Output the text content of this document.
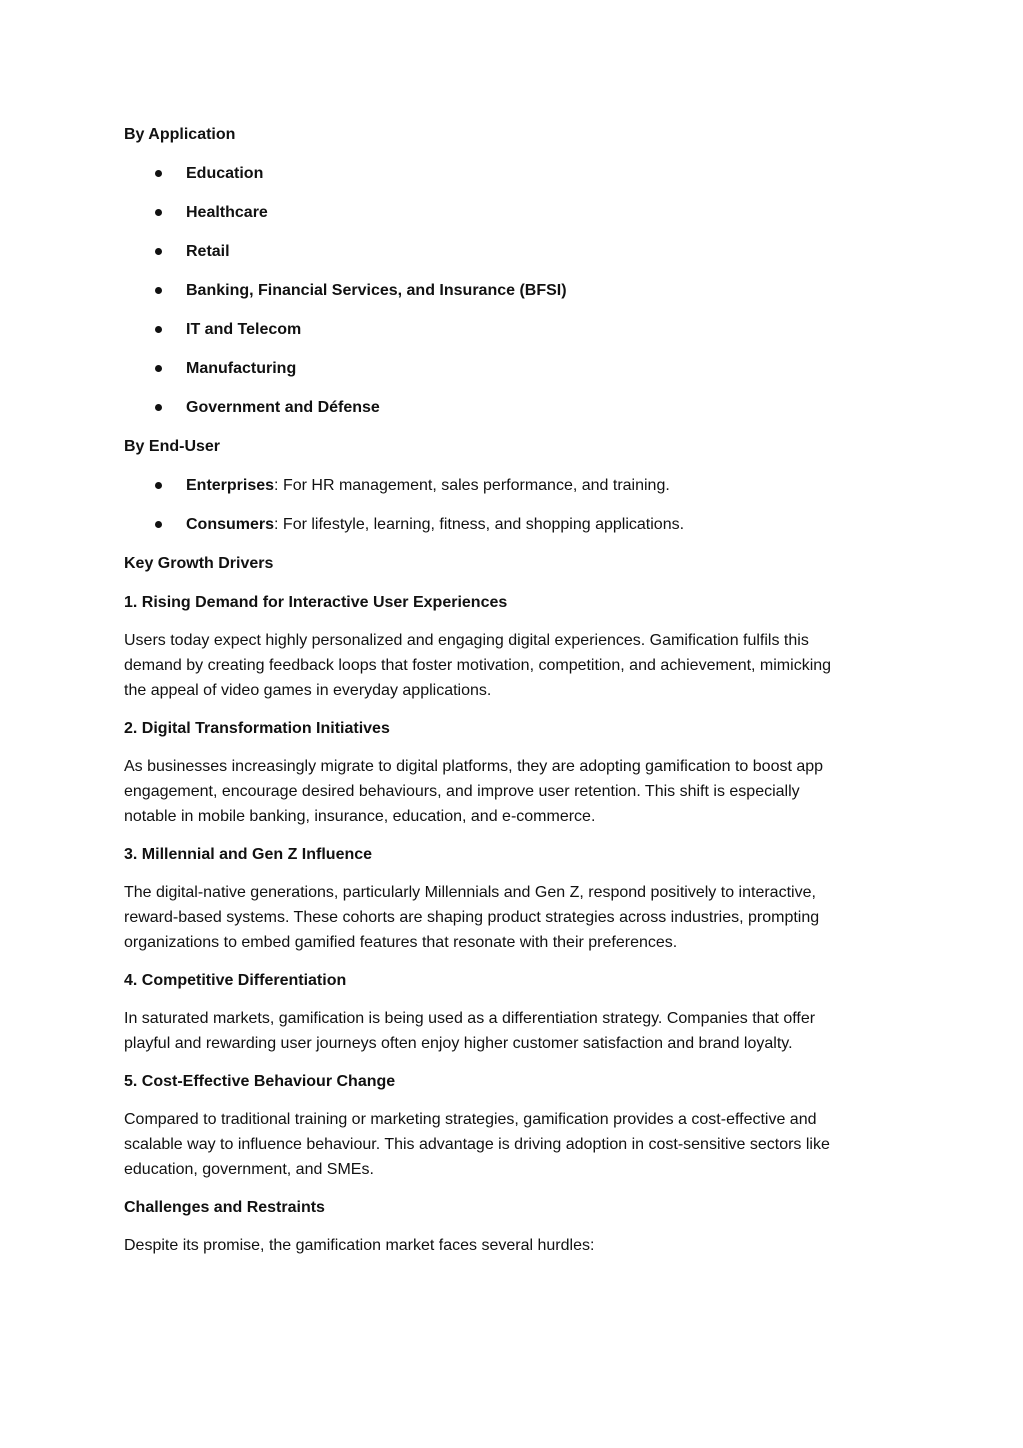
By Application

Education
Healthcare
Retail
Banking, Financial Services, and Insurance (BFSI)
IT and Telecom
Manufacturing
Government and Défense

By End-User

Enterprises: For HR management, sales performance, and training.
Consumers: For lifestyle, learning, fitness, and shopping applications.

Key Growth Drivers

1. Rising Demand for Interactive User Experiences

Users today expect highly personalized and engaging digital experiences. Gamification fulfils this
demand by creating feedback loops that foster motivation, competition, and achievement, mimicking
the appeal of video games in everyday applications.

2. Digital Transformation Initiatives

As businesses increasingly migrate to digital platforms, they are adopting gamification to boost app
engagement, encourage desired behaviours, and improve user retention. This shift is especially
notable in mobile banking, insurance, education, and e-commerce.

3. Millennial and Gen Z Influence

The digital-native generations, particularly Millennials and Gen Z, respond positively to interactive,
reward-based systems. These cohorts are shaping product strategies across industries, prompting
organizations to embed gamified features that resonate with their preferences.

4. Competitive Differentiation

In saturated markets, gamification is being used as a differentiation strategy. Companies that offer
playful and rewarding user journeys often enjoy higher customer satisfaction and brand loyalty.

5. Cost-Effective Behaviour Change

Compared to traditional training or marketing strategies, gamification provides a cost-effective and
scalable way to influence behaviour. This advantage is driving adoption in cost-sensitive sectors like
education, government, and SMEs.

Challenges and Restraints

Despite its promise, the gamification market faces several hurdles:
